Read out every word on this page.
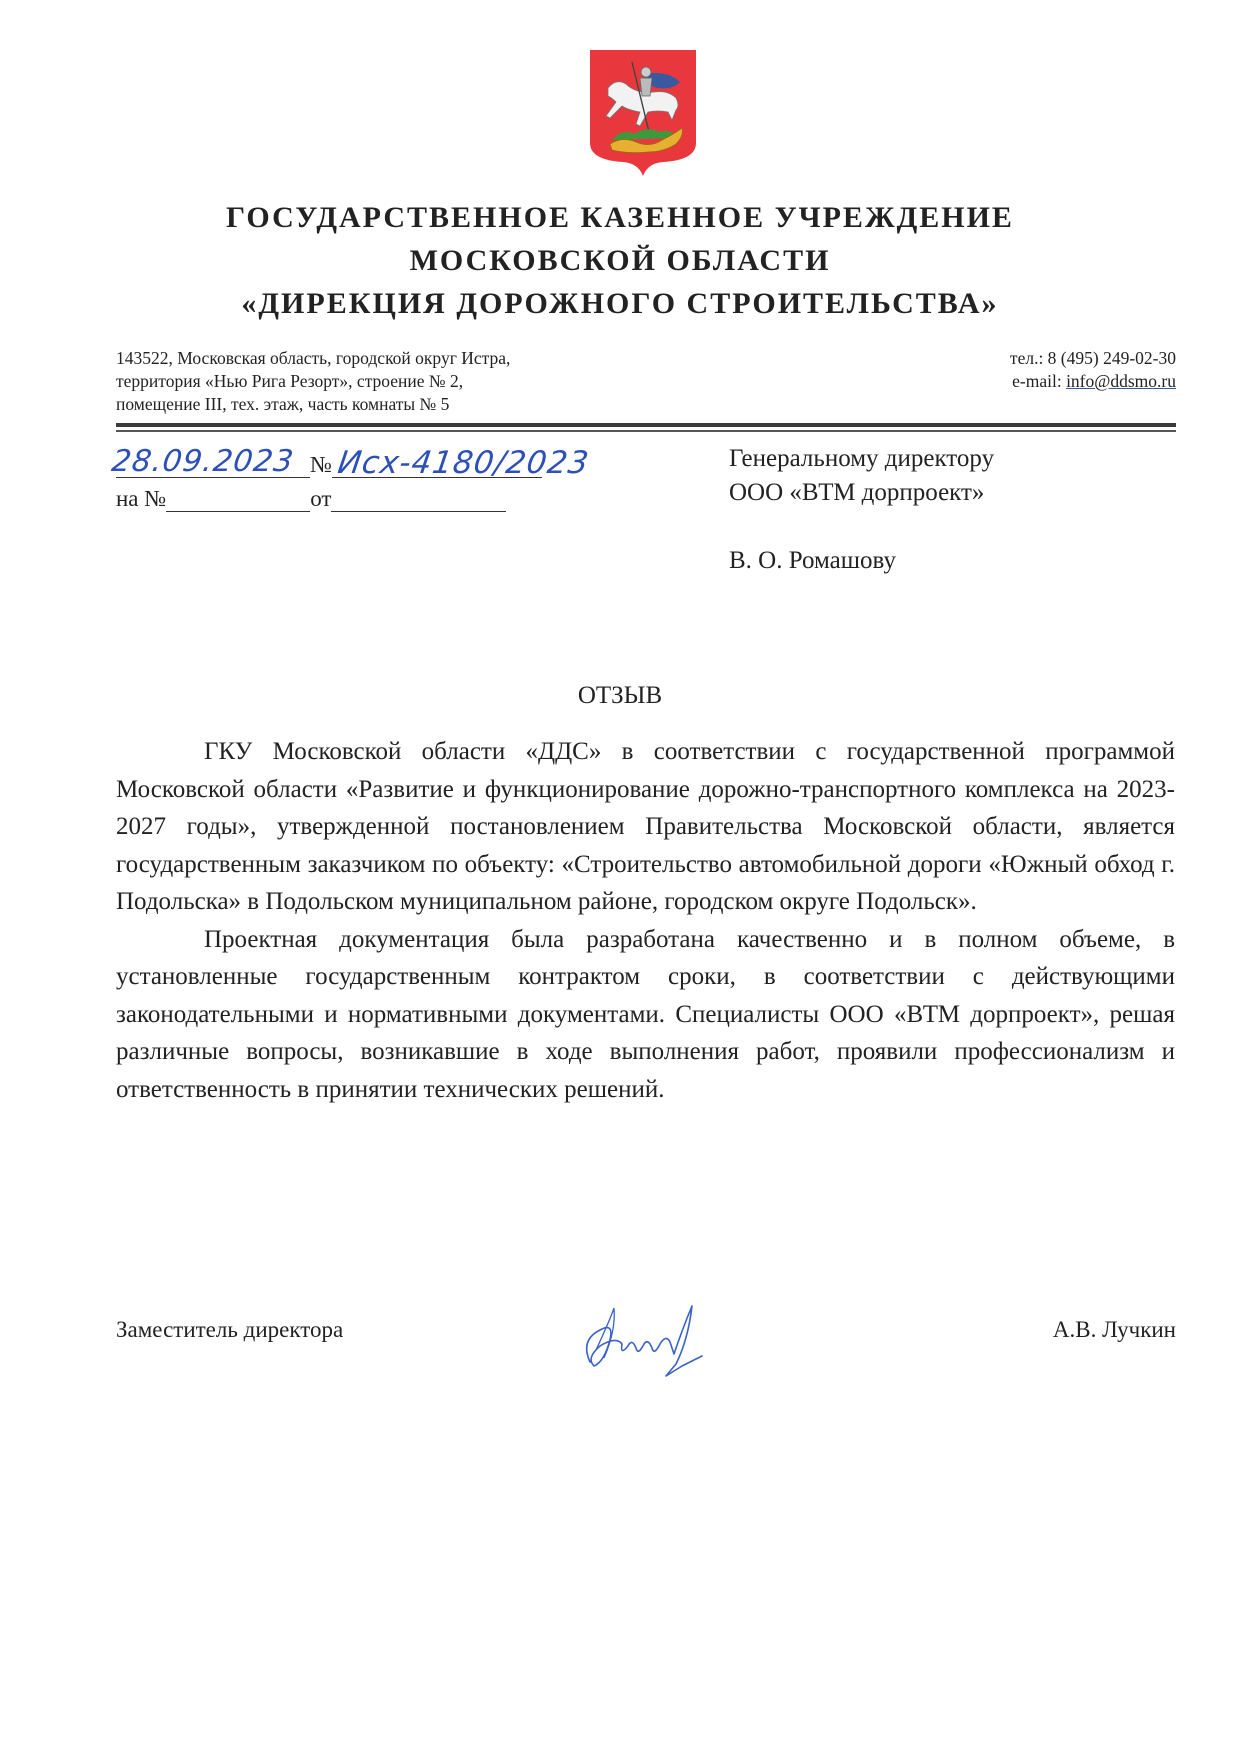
ГОСУДАРСТВЕННОЕ КАЗЕННОЕ УЧРЕЖДЕНИЕ
МОСКОВСКОЙ ОБЛАСТИ
«ДИРЕКЦИЯ ДОРОЖНОГО СТРОИТЕЛЬСТВА»
143522, Московская область, городской округ Истра,
территория «Нью Рига Резорт», строение № 2,
помещение III, тех. этаж, часть комнаты № 5
тел.: 8 (495) 249-02-30
e-mail: info@ddsmo.ru
28.09.2023 № Исх-4180/2023
на №	от
Генеральному директору
ООО «ВТМ дорпроект»
В. О. Ромашову
ОТЗЫВ

ГКУ Московской области «ДДС» в соответствии с государственной программой Московской области «Развитие и функционирование дорожно-транспортного комплекса на 2023-2027 годы», утвержденной постановлением Правительства Московской области, является государственным заказчиком по объекту: «Строительство автомобильной дороги «Южный обход г. Подольска» в Подольском муниципальном районе, городском округе Подольск».

Проектная документация была разработана качественно и в полном объеме, в установленные государственным контрактом сроки, в соответствии с действующими законодательными и нормативными документами. Специалисты ООО «ВТМ дорпроект», решая различные вопросы, возникавшие в ходе выполнения работ, проявили профессионализм и ответственность в принятии технических решений.

Заместитель директора	А.В. Лучкин
